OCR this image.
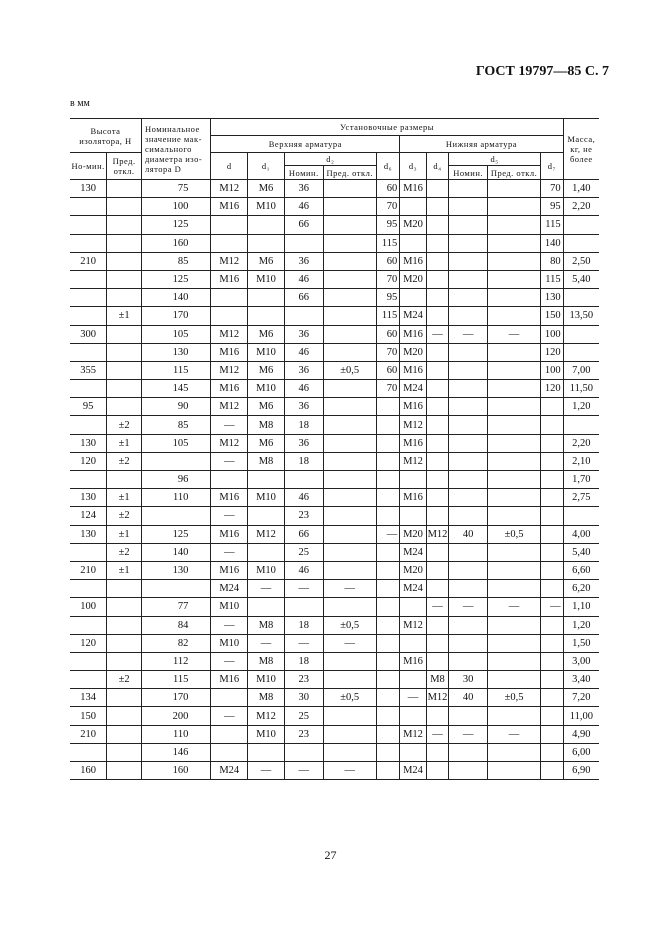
ГОСТ 19797—85 С. 7
в мм
Высота изолятора, Н		Номинальное значение мак-симального диаметра изо-лятора D	Установочные размеры										Масса, кг, не более
			Верхняя арматура					Нижняя арматура					
Но-мин.	Пред. откл.		d	d₁	d₂		d₆	d₃	d₄	d₅		d₇	
					Номин.	Пред. откл.				Номин.	Пред. откл.		
130		75	M12	M6	36		60	M16				70	1,40
		100	M16	M10	46		70					95	2,20
		125			66		95	M20				115	
		160					115					140	
210		85	M12	M6	36		60	M16				80	2,50
		125	M16	M10	46		70	M20				115	5,40
		140			66		95					130	
	±1	170					115	M24				150	13,50
300		105	M12	M6	36		60	M16	—	—	—	100	
		130	M16	M10	46		70	M20				120	
355		115	M12	M6	36	±0,5	60	M16				100	7,00
		145	M16	M10	46		70	M24				120	11,50
95		90	M12	M6	36			M16					1,20
	±2	85	—	M8	18			M12					
130	±1	105	M12	M6	36			M16					2,20
120	±2		—	M8	18			M12					2,10
		96											1,70
130	±1	110	M16	M10	46			M16					2,75
124	±2		—		23								
130	±1	125	M16	M12	66		—	M20	M12	40	±0,5		4,00
	±2	140	—		25			M24					5,40
210	±1	130	M16	M10	46			M20					6,60
			M24	—	—	—		M24					6,20
100		77	M10						—	—	—	—	1,10
		84	—	M8	18	±0,5		M12					1,20
120		82	M10	—	—	—							1,50
		112	—	M8	18			M16					3,00
	±2	115	M16	M10	23				M8	30			3,40
134		170		M8	30	±0,5		—	M12	40	±0,5		7,20
150		200	—	M12	25								11,00
210		110		M10	23			M12	—	—	—		4,90
		146											6,00
160		160	M24	—	—	—		M24					6,90
27
